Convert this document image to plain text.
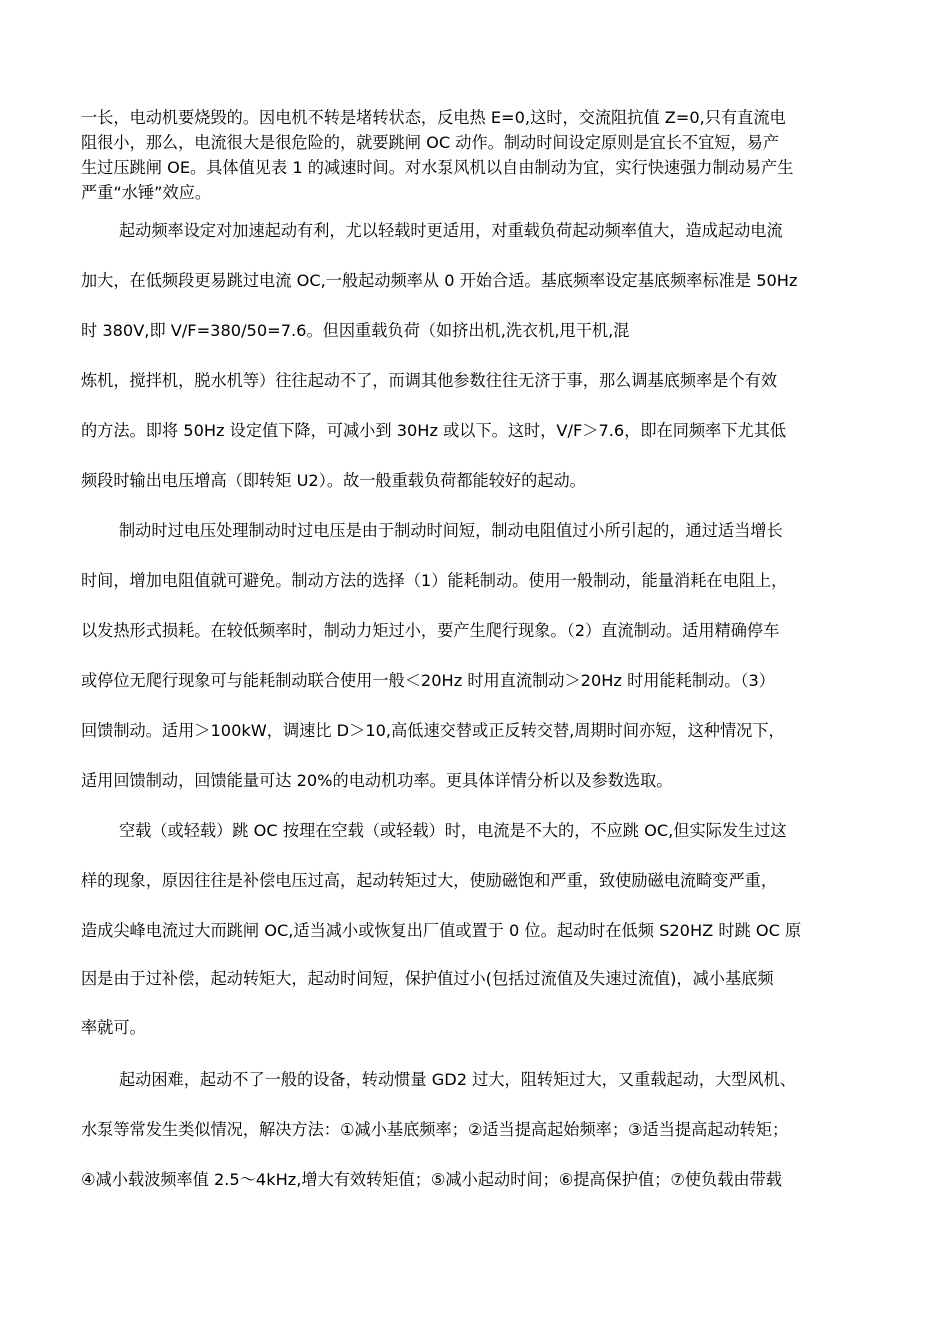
一长，电动机要烧毁的。因电机不转是堵转状态，反电热 E=0,这时，交流阻抗值 Z=0,只有直流电

阻很小，那么，电流很大是很危险的，就要跳闸 OC 动作。制动时间设定原则是宜长不宜短，易产

生过压跳闸 OE。具体值见表 1 的减速时间。对水泵风机以自由制动为宜，实行快速强力制动易产生

严重“水锤”效应。

起动频率设定对加速起动有利，尤以轻载时更适用，对重载负荷起动频率值大，造成起动电流

加大，在低频段更易跳过电流 OC,一般起动频率从 0 开始合适。基底频率设定基底频率标准是 50Hz

时 380V,即 V/F=380/50=7.6。但因重载负荷（如挤出机,洗衣机,甩干机,混

炼机，搅拌机，脱水机等）往往起动不了，而调其他参数往往无济于事，那么调基底频率是个有效

的方法。即将 50Hz 设定值下降，可减小到 30Hz 或以下。这时，V/F＞7.6，即在同频率下尤其低

频段时输出电压增高（即转矩 U2）。故一般重载负荷都能较好的起动。

制动时过电压处理制动时过电压是由于制动时间短，制动电阻值过小所引起的，通过适当增长

时间，增加电阻值就可避免。制动方法的选择（1）能耗制动。使用一般制动，能量消耗在电阻上，

以发热形式损耗。在较低频率时，制动力矩过小，要产生爬行现象。（2）直流制动。适用精确停车

或停位无爬行现象可与能耗制动联合使用一般＜20Hz 时用直流制动＞20Hz 时用能耗制动。（3）

回馈制动。适用＞100kW，调速比 D＞10,高低速交替或正反转交替,周期时间亦短，这种情况下，

适用回馈制动，回馈能量可达 20%的电动机功率。更具体详情分析以及参数选取。

空载（或轻载）跳 OC 按理在空载（或轻载）时，电流是不大的，不应跳 OC,但实际发生过这

样的现象，原因往往是补偿电压过高，起动转矩过大，使励磁饱和严重，致使励磁电流畸变严重，

造成尖峰电流过大而跳闸 OC,适当减小或恢复出厂值或置于 0 位。起动时在低频 S20HZ 时跳 OC 原

因是由于过补偿，起动转矩大，起动时间短，保护值过小(包括过流值及失速过流值)，减小基底频

率就可。

起动困难，起动不了一般的设备，转动惯量 GD2 过大，阻转矩过大，又重载起动，大型风机、

水泵等常发生类似情况，解决方法：①减小基底频率；②适当提高起始频率；③适当提高起动转矩；

④减小载波频率值 2.5～4kHz,增大有效转矩值；⑤减小起动时间；⑥提高保护值；⑦使负载由带载
